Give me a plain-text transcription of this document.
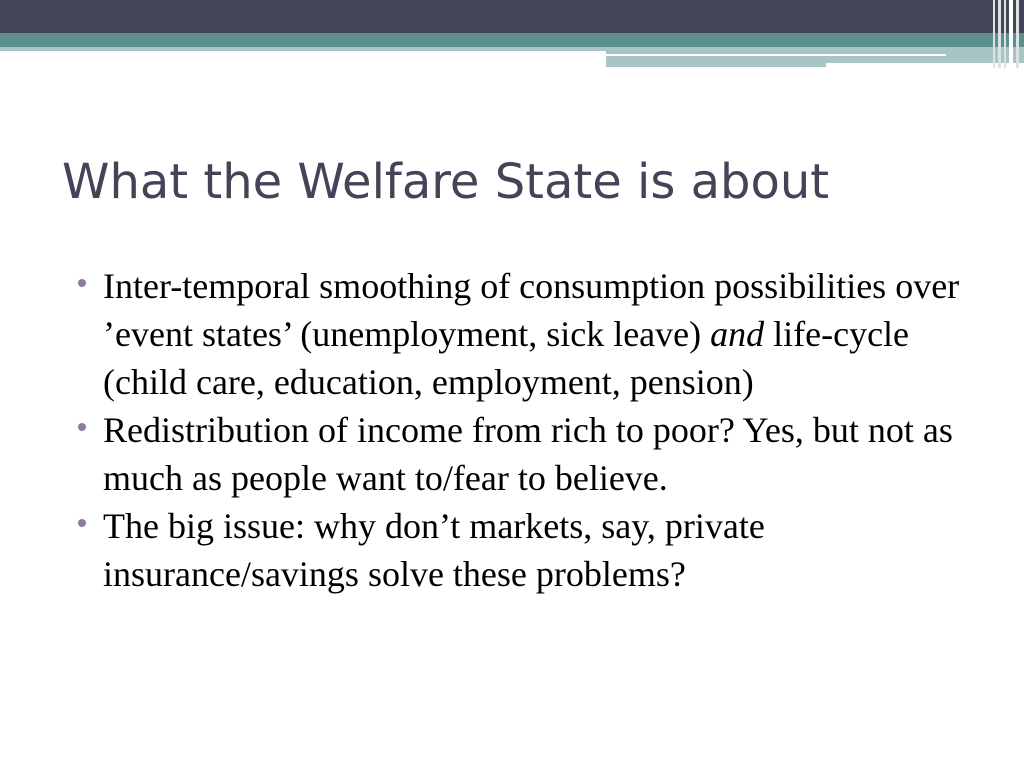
What the Welfare State is about
Inter-temporal smoothing of consumption possibilities over ’event states’ (unemployment, sick leave) and life-cycle (child care, education, employment, pension)
Redistribution of income from rich to poor? Yes, but not as much as people want to/fear to believe.
The big issue: why don’t markets, say, private insurance/savings solve these problems?
